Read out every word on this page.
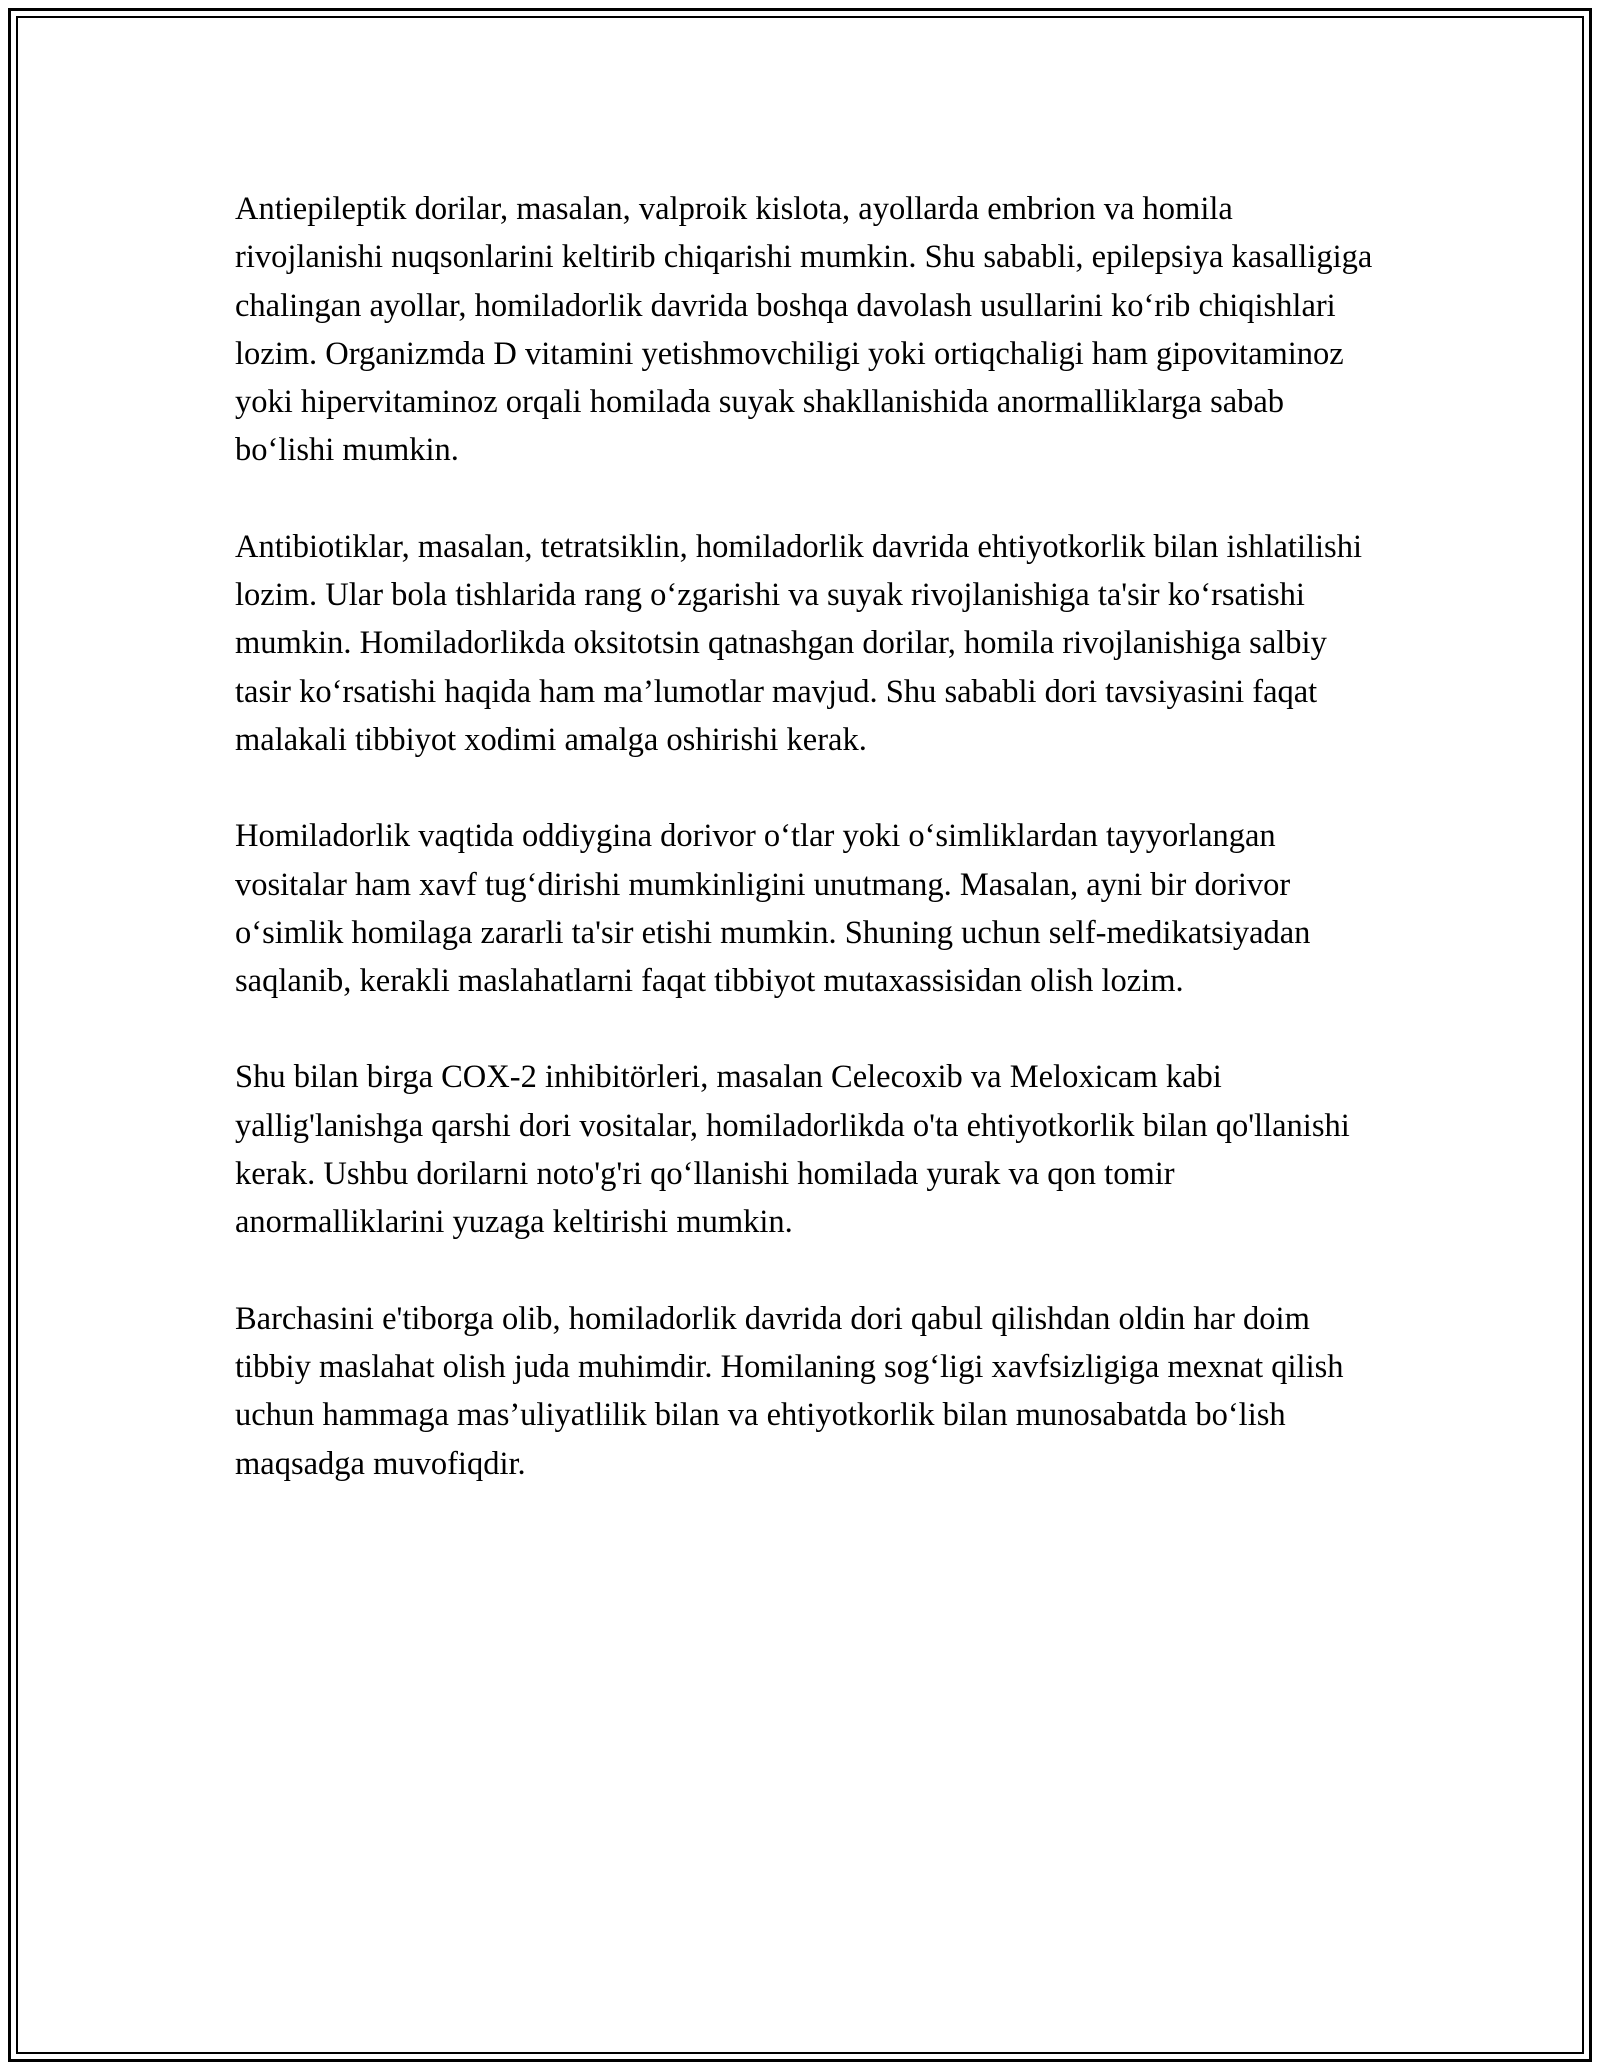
Antiepileptik dorilar, masalan, valproik kislota, ayollarda embrion va homila rivojlanishi nuqsonlarini keltirib chiqarishi mumkin. Shu sababli, epilepsiya kasalligiga chalingan ayollar, homiladorlik davrida boshqa davolash usullarini koʻrib chiqishlari lozim. Organizmda D vitamini yetishmovchiligi yoki ortiqchaligi ham gipovitaminoz yoki hipervitaminoz orqali homilada suyak shakllanishida anormalliklarga sabab boʻlishi mumkin.

Antibiotiklar, masalan, tetratsiklin, homiladorlik davrida ehtiyotkorlik bilan ishlatilishi lozim. Ular bola tishlarida rang oʻzgarishi va suyak rivojlanishiga ta'sir koʻrsatishi mumkin. Homiladorlikda oksitotsin qatnashgan dorilar, homila rivojlanishiga salbiy tasir koʻrsatishi haqida ham ma’lumotlar mavjud. Shu sababli dori tavsiyasini faqat malakali tibbiyot xodimi amalga oshirishi kerak.

Homiladorlik vaqtida oddiygina dorivor oʻtlar yoki oʻsimliklardan tayyorlangan vositalar ham xavf tugʻdirishi mumkinligini unutmang. Masalan, ayni bir dorivor oʻsimlik homilaga zararli ta'sir etishi mumkin. Shuning uchun self-medikatsiyadan saqlanib, kerakli maslahatlarni faqat tibbiyot mutaxassisidan olish lozim.

Shu bilan birga COX-2 inhibitörleri, masalan Celecoxib va Meloxicam kabi yallig'lanishga qarshi dori vositalar, homiladorlikda o'ta ehtiyotkorlik bilan qo'llanishi kerak. Ushbu dorilarni noto'g'ri qoʻllanishi homilada yurak va qon tomir anormalliklarini yuzaga keltirishi mumkin.

Barchasini e'tiborga olib, homiladorlik davrida dori qabul qilishdan oldin har doim tibbiy maslahat olish juda muhimdir. Homilaning sogʻligi xavfsizligiga mexnat qilish uchun hammaga mas’uliyatlilik bilan va ehtiyotkorlik bilan munosabatda boʻlish maqsadga muvofiqdir.
